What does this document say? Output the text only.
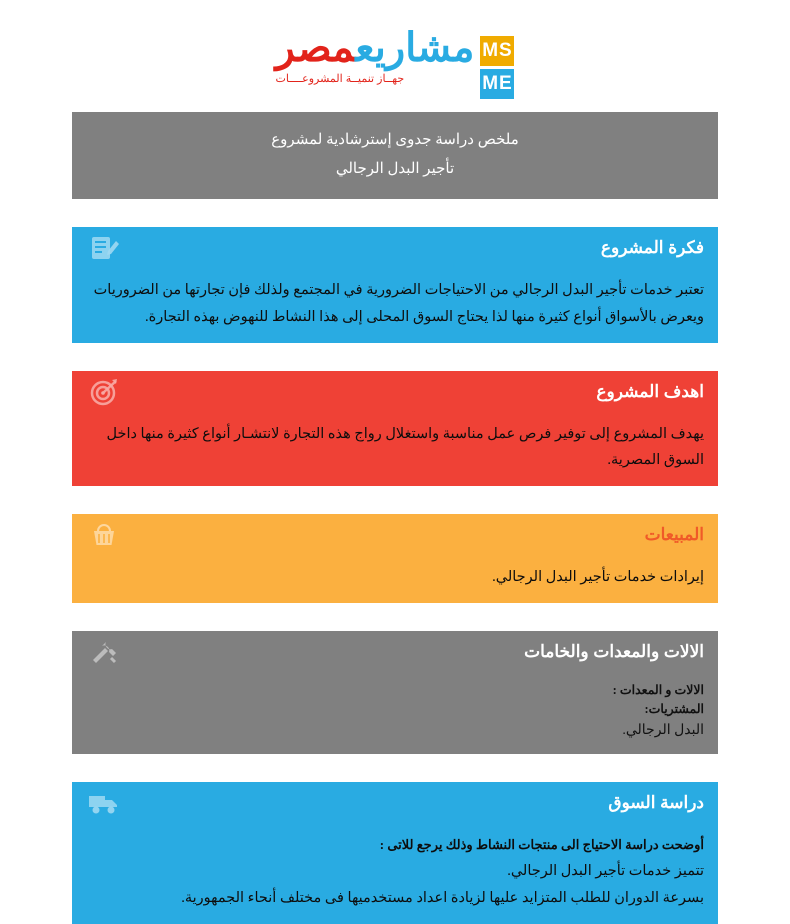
مشاريعمصر
جهــاز تنميــة المشروعــــات
MS
ME
ملخص دراسة جدوى إسترشادية لمشروع
تأجير البدل الرجالي
فكرة المشروع

تعتبر خدمات تأجير البدل الرجالي من الاحتياجات الضرورية في المجتمع ولذلك فإن تجارتها من الضروريات ويعرض بالأسواق أنواع كثيرة منها لذا يحتاج السوق المحلى إلى هذا النشاط للنهوض بهذه التجارة.

اهدف المشروع

يهدف المشروع إلى توفير فرص عمل مناسبة واستغلال رواج هذه التجارة لانتشـار أنواع كثيرة منها داخل السوق المصرية.

المبيعات

إيرادات خدمات تأجير البدل الرجالي.

الالات والمعدات والخامات
الالات و المعدات :
المشتريات:
البدل الرجالي.
دراسة السوق
أوضحت دراسة الاحتياج الى منتجات النشاط وذلك يرجع للاتى :
تتميز خدمات تأجير البدل الرجالي.
بسرعة الدوران للطلب المتزايد عليها لزيادة اعداد مستخدميها فى مختلف أنحاء الجمهورية.
